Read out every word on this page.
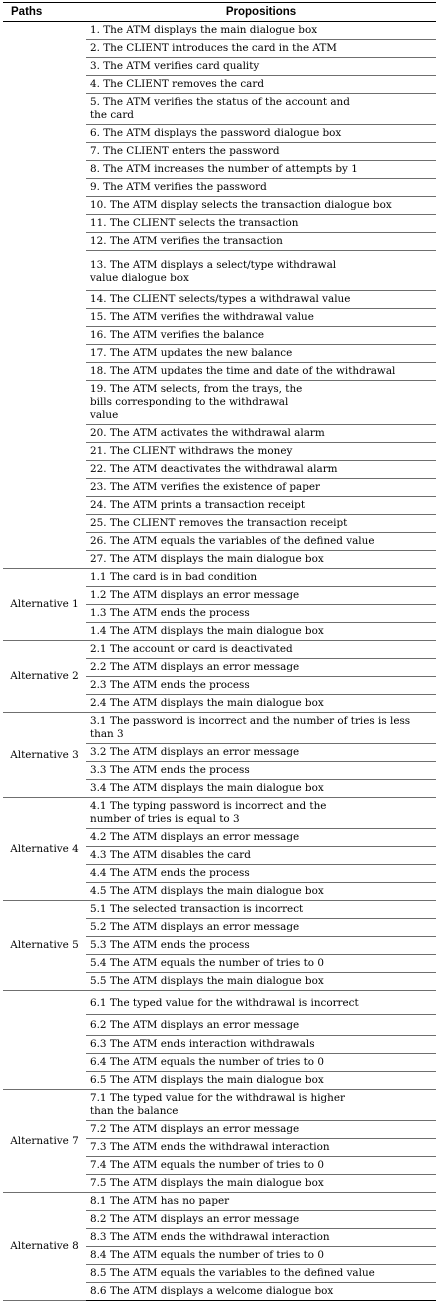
Paths	Propositions

	1. The ATM displays the main dialogue box

	2. The CLIENT introduces the card in the ATM

	3. The ATM verifies card quality

	4. The CLIENT removes the card

	5. The ATM verifies the status of the account and the card

	6. The ATM displays the password dialogue box

	7. The CLIENT enters the password

	8. The ATM increases the number of attempts by 1

	9. The ATM verifies the password

	10. The ATM display selects the transaction dialogue box

	11. The CLIENT selects the transaction

	12. The ATM verifies the transaction

	13. The ATM displays a select/type withdrawal value dialogue box

	14. The CLIENT selects/types a withdrawal value

	15. The ATM verifies the withdrawal value

	16. The ATM verifies the balance

	17. The ATM updates the new balance

	18. The ATM updates the time and date of the withdrawal

	19. The ATM selects, from the trays, the bills corresponding to the withdrawal value

	20. The ATM activates the withdrawal alarm

	21. The CLIENT withdraws the money

	22. The ATM deactivates the withdrawal alarm

	23. The ATM verifies the existence of paper

	24. The ATM prints a transaction receipt

	25. The CLIENT removes the transaction receipt

	26. The ATM equals the variables of the defined value

	27. The ATM displays the main dialogue box

Alternative 1	1.1 The card is in bad condition

	1.2 The ATM displays an error message

	1.3 The ATM ends the process

	1.4 The ATM displays the main dialogue box

Alternative 2	2.1 The account or card is deactivated

	2.2 The ATM displays an error message

	2.3 The ATM ends the process

	2.4 The ATM displays the main dialogue box

Alternative 3	3.1 The password is incorrect and the number of tries is less than 3

	3.2 The ATM displays an error message

	3.3 The ATM ends the process

	3.4 The ATM displays the main dialogue box

Alternative 4	4.1 The typing password is incorrect and the number of tries is equal to 3

	4.2 The ATM displays an error message

	4.3 The ATM disables the card

	4.4 The ATM ends the process

	4.5 The ATM displays the main dialogue box

Alternative 5	5.1 The selected transaction is incorrect

	5.2 The ATM displays an error message

	5.3 The ATM ends the process

	5.4 The ATM equals the number of tries to 0

	5.5 The ATM displays the main dialogue box

	6.1 The typed value for the withdrawal is incorrect

	6.2 The ATM displays an error message

	6.3 The ATM ends interaction withdrawals

	6.4 The ATM equals the number of tries to 0

	6.5 The ATM displays the main dialogue box

Alternative 7	7.1 The typed value for the withdrawal is higher than the balance

	7.2 The ATM displays an error message

	7.3 The ATM ends the withdrawal interaction

	7.4 The ATM equals the number of tries to 0

	7.5 The ATM displays the main dialogue box

Alternative 8	8.1 The ATM has no paper

	8.2 The ATM displays an error message

	8.3 The ATM ends the withdrawal interaction

	8.4 The ATM equals the number of tries to 0

	8.5 The ATM equals the variables to the defined value

	8.6 The ATM displays a welcome dialogue box
